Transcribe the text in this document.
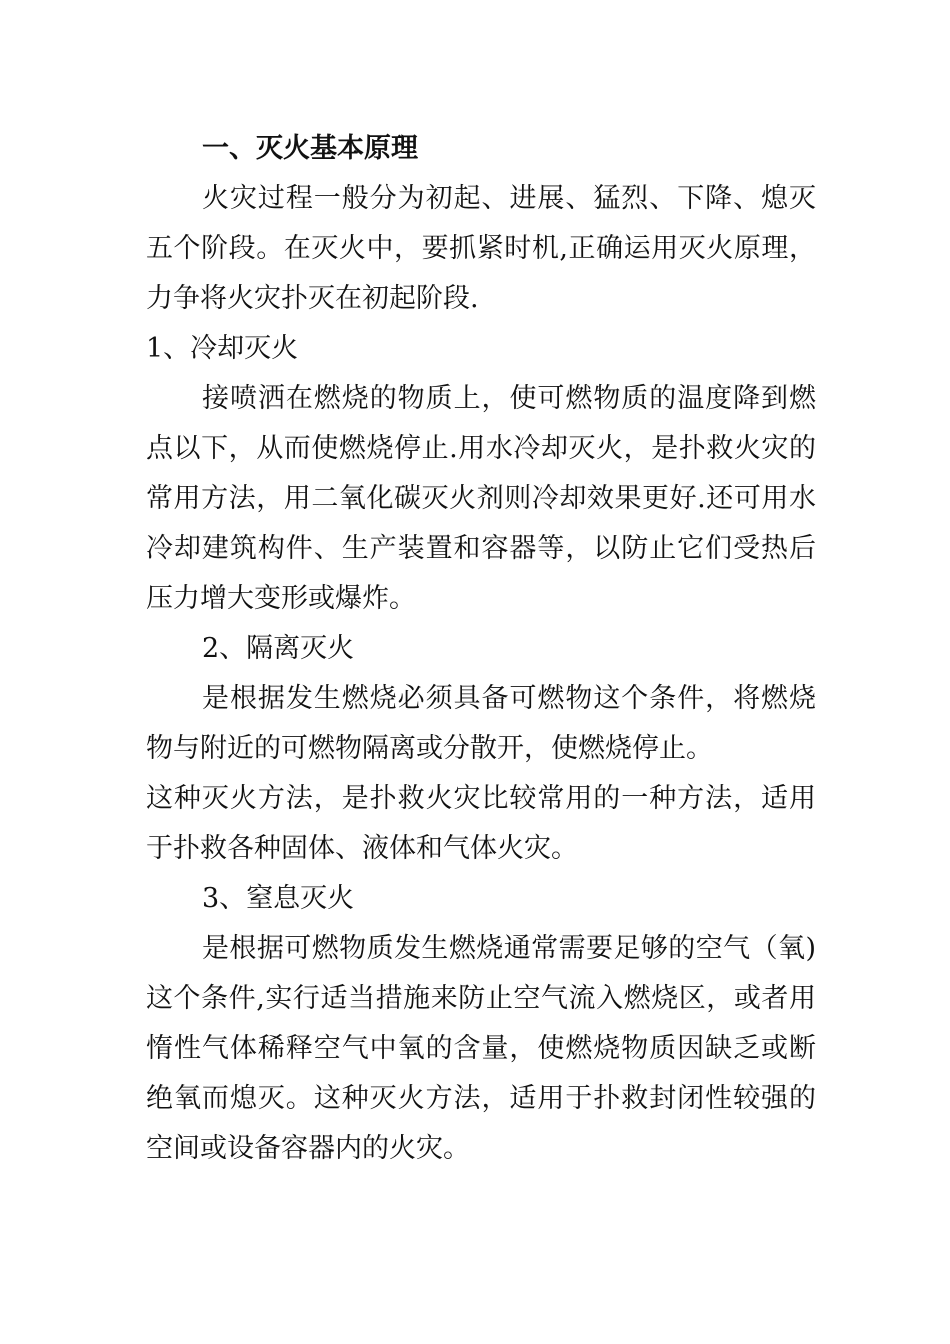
一、灭火基本原理

火灾过程一般分为初起、进展、猛烈、下降、熄灭五个阶段。在灭火中，要抓紧时机,正确运用灭火原理，力争将火灾扑灭在初起阶段.

1、冷却灭火

接喷洒在燃烧的物质上，使可燃物质的温度降到燃点以下，从而使燃烧停止.用水冷却灭火，是扑救火灾的常用方法，用二氧化碳灭火剂则冷却效果更好.还可用水冷却建筑构件、生产装置和容器等，以防止它们受热后压力增大变形或爆炸。

2、隔离灭火

是根据发生燃烧必须具备可燃物这个条件，将燃烧物与附近的可燃物隔离或分散开，使燃烧停止。

这种灭火方法，是扑救火灾比较常用的一种方法，适用于扑救各种固体、液体和气体火灾。

3、窒息灭火

是根据可燃物质发生燃烧通常需要足够的空气（氧)这个条件,实行适当措施来防止空气流入燃烧区，或者用惰性气体稀释空气中氧的含量，使燃烧物质因缺乏或断绝氧而熄灭。这种灭火方法，适用于扑救封闭性较强的空间或设备容器内的火灾。
